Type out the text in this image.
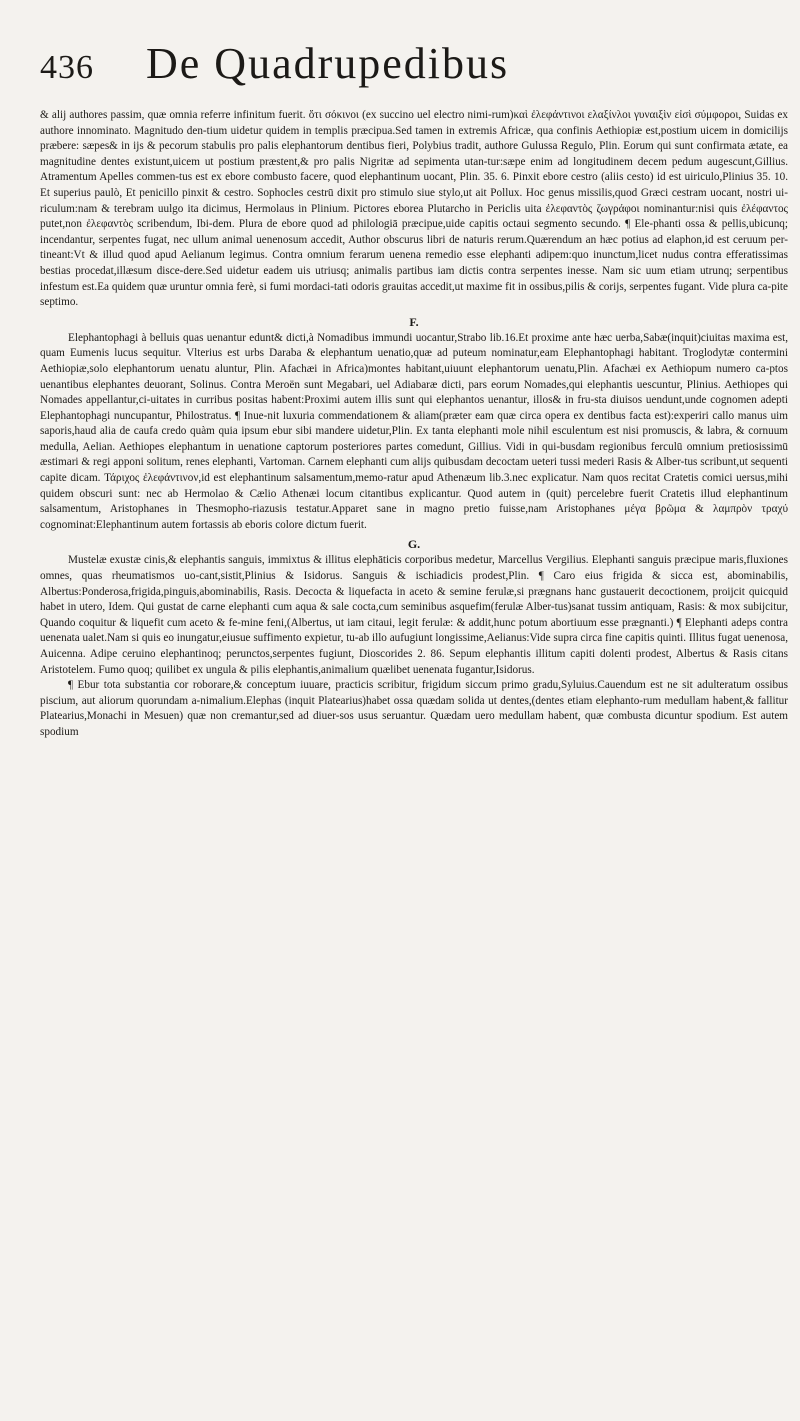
436 De Quadrupedibus

& alij authores passim, quæ omnia referre infinitum fuerit. ὅτι σόκινοι (ex succino uel electro nimi-rum)καὶ ἐλεφάντινοι ελαξίνλοι γυναιξὶν εἰσὶ σύμφοροι, Suidas ex authore innominato. Magnitudo den-tium uidetur quidem in templis præcipua.Sed tamen in extremis Africæ, qua confinis Aethiopiæ est,postium uicem in domicilijs præbere: sæpes& in ijs & pecorum stabulis pro palis elephantorum dentibus fieri, Polybius tradit, authore Gulussa Regulo, Plin. Eorum qui sunt confirmata ætate, ea magnitudine dentes existunt,uicem ut postium præstent,& pro palis Nigritæ ad sepimenta utan-tur:sæpe enim ad longitudinem decem pedum augescunt,Gillius. Atramentum Apelles commen-tus est ex ebore combusto facere, quod elephantinum uocant, Plin. 35. 6. Pinxit ebore cestro (aliis cesto) id est uiriculo,Plinius 35. 10. Et superius paulò, Et penicillo pinxit & cestro. Sophocles cestrū dixit pro stimulo siue stylo,ut ait Pollux. Hoc genus missilis,quod Græci cestram uocant, nostri ui-riculum:nam & terebram uulgo ita dicimus, Hermolaus in Plinium. Pictores eborea Plutarcho in Periclis uita ἐλεφαντὸς ζωγράφοι nominantur:nisi quis ἐλέφαντος putet,non ἐλεφαντὸς scribendum, Ibi-dem. Plura de ebore quod ad philologiā præcipue,uide capitis octaui segmento secundo. ¶ Ele-phanti ossa & pellis,ubicunq; incendantur, serpentes fugat, nec ullum animal uenenosum accedit, Author obscurus libri de naturis rerum.Quærendum an hæc potius ad elaphon,id est ceruum per-tineant:Vt & illud quod apud Aelianum legimus. Contra omnium ferarum uenena remedio esse elephanti adipem:quo inunctum,licet nudus contra efferatissimas bestias procedat,illæsum disce-dere.Sed uidetur eadem uis utriusq; animalis partibus iam dictis contra serpentes inesse. Nam sic uum etiam utrunq; serpentibus infestum est.Ea quidem quæ uruntur omnia ferè, si fumi mordaci-tati odoris grauitas accedit,ut maxime fit in ossibus,pilis & corijs, serpentes fugant. Vide plura ca-pite septimo.

F.

Elephantophagi à belluis quas uenantur edunt& dicti,à Nomadibus immundi uocantur,Strabo lib.16.Et proxime ante hæc uerba,Sabæ(inquit)ciuitas maxima est, quam Eumenis lucus sequitur. Vlterius est urbs Daraba & elephantum uenatio,quæ ad puteum nominatur,eam Elephantophagi habitant. Troglodytæ contermini Aethiopiæ,solo elephantorum uenatu aluntur, Plin. Afachæi in Africa)montes habitant,uiuunt elephantorum uenatu,Plin. Afachæi ex Aethiopum numero ca-ptos uenantibus elephantes deuorant, Solinus. Contra Meroën sunt Megabari, uel Adiabaræ dicti, pars eorum Nomades,qui elephantis uescuntur, Plinius. Aethiopes qui Nomades appellantur,ci-uitates in curribus positas habent:Proximi autem illis sunt qui elephantos uenantur, illos& in fru-sta diuisos uendunt,unde cognomen adepti Elephantophagi nuncupantur, Philostratus. ¶ Inue-nit luxuria commendationem & aliam(præter eam quæ circa opera ex dentibus facta est):experiri callo manus uim saporis,haud alia de caufa credo quàm quia ipsum ebur sibi mandere uidetur,Plin. Ex tanta elephanti mole nihil esculentum est nisi promuscis, & labra, & cornuum medulla, Aelian. Aethiopes elephantum in uenatione captorum posteriores partes comedunt, Gillius. Vidi in qui-busdam regionibus ferculū omnium pretiosissimū æstimari & regi apponi solitum, renes elephanti, Vartoman. Carnem elephanti cum alijs quibusdam decoctam ueteri tussi mederi Rasis & Alber-tus scribunt,ut sequenti capite dicam. Τάριχος ἐλεφάντινον,id est elephantinum salsamentum,memo-ratur apud Athenæum lib.3.nec explicatur. Nam quos recitat Cratetis comici uersus,mihi quidem obscuri sunt: nec ab Hermolao & Cælio Athenæi locum citantibus explicantur. Quod autem in (quit) percelebre fuerit Cratetis illud elephantinum salsamentum, Aristophanes in Thesmopho-riazusis testatur.Apparet sane in magno pretio fuisse,nam Aristophanes μέγα βρῶμα & λαμπρὸν τραχύ cognominat:Elephantinum autem fortassis ab eboris colore dictum fuerit.

G.

Mustelæ exustæ cinis,& elephantis sanguis, immixtus & illitus elephāticis corporibus medetur, Marcellus Vergilius. Elephanti sanguis præcipue maris,fluxiones omnes, quas rheumatismos uo-cant,sistit,Plinius & Isidorus. Sanguis & ischiadicis prodest,Plin. ¶ Caro eius frigida & sicca est, abominabilis, Albertus:Ponderosa,frigida,pinguis,abominabilis, Rasis. Decocta & liquefacta in aceto & semine ferulæ,si prægnans hanc gustauerit decoctionem, proijcit quicquid habet in utero, Idem. Qui gustat de carne elephanti cum aqua & sale cocta,cum seminibus asquefim(ferulæ Alber-tus)sanat tussim antiquam, Rasis: & mox subijcitur, Quando coquitur & liquefit cum aceto & fe-mine feni,(Albertus, ut iam citaui, legit ferulæ: & addit,hunc potum abortiuum esse prægnanti.) ¶ Elephanti adeps contra uenenata ualet.Nam si quis eo inungatur,eiusue suffimento expietur, tu-ab illo aufugiunt longissime,Aelianus:Vide supra circa fine capitis quinti. Illitus fugat uenenosa, Auicenna. Adipe ceruino elephantinoq; perunctos,serpentes fugiunt, Dioscorides 2. 86. Sepum elephantis illitum capiti dolenti prodest, Albertus & Rasis citans Aristotelem. Fumo quoq; quilibet ex ungula & pilis elephantis,animalium quælibet uenenata fugantur,Isidorus.

¶ Ebur tota substantia cor roborare,& conceptum iuuare, practicis scribitur, frigidum siccum primo gradu,Syluius.Cauendum est ne sit adulteratum ossibus piscium, aut aliorum quorundam a-nimalium.Elephas (inquit Platearius)habet ossa quædam solida ut dentes,(dentes etiam elephanto-rum medullam habent,& fallitur Platearius,Monachi in Mesuen) quæ non cremantur,sed ad diuer-sos usus seruantur. Quædam uero medullam habent, quæ combusta dicuntur spodium. Est autem spodium
